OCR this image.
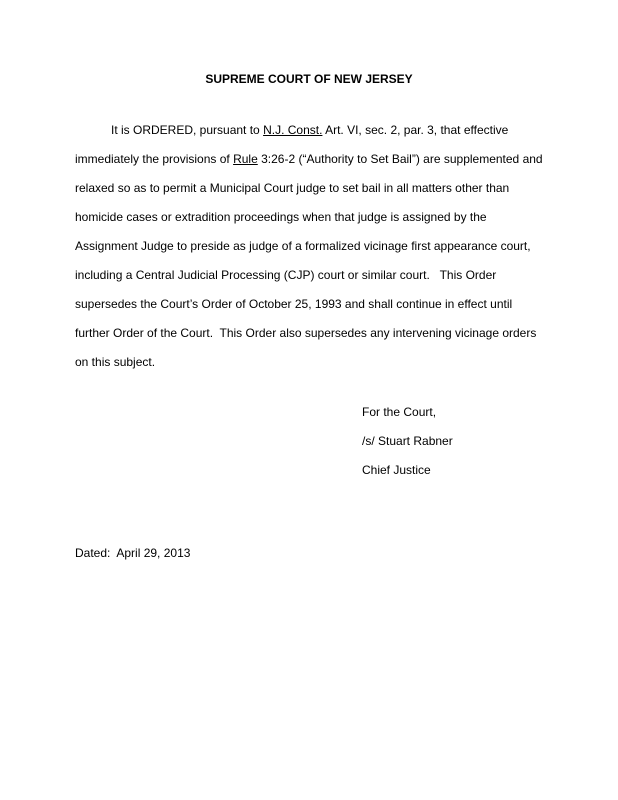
SUPREME COURT OF NEW JERSEY
It is ORDERED, pursuant to N.J. Const. Art. VI, sec. 2, par. 3, that effective
immediately the provisions of Rule 3:26-2 (“Authority to Set Bail”) are supplemented and
relaxed so as to permit a Municipal Court judge to set bail in all matters other than
homicide cases or extradition proceedings when that judge is assigned by the
Assignment Judge to preside as judge of a formalized vicinage first appearance court,
including a Central Judicial Processing (CJP) court or similar court.   This Order
supersedes the Court’s Order of October 25, 1993 and shall continue in effect until
further Order of the Court.  This Order also supersedes any intervening vicinage orders
on this subject.
For the Court,
/s/ Stuart Rabner
Chief Justice
Dated:  April 29, 2013
